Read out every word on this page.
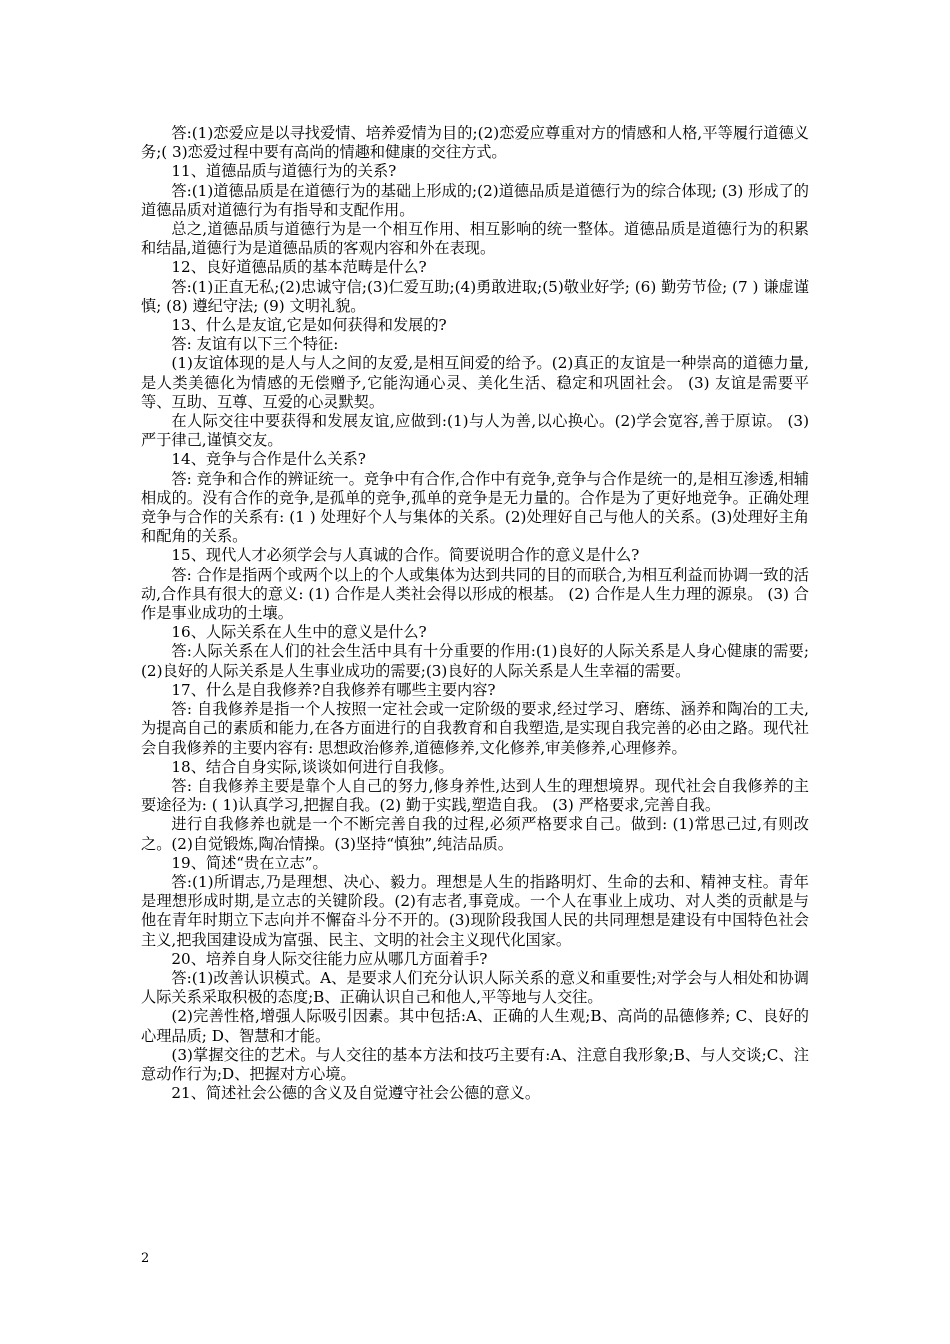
答:(1)恋爱应是以寻找爱情、培养爱情为目的;(2)恋爱应尊重对方的情感和人格,平等履行道德义务;( 3)恋爱过程中要有高尚的情趣和健康的交往方式。

11、道德品质与道德行为的关系?

答:(1)道德品质是在道德行为的基础上形成的;(2)道德品质是道德行为的综合体现; (3) 形成了的道德品质对道德行为有指导和支配作用。

总之,道德品质与道德行为是一个相互作用、相互影响的统一整体。道德品质是道德行为的积累和结晶,道德行为是道德品质的客观内容和外在表现。

12、良好道德品质的基本范畴是什么?

答:(1)正直无私;(2)忠诚守信;(3)仁爱互助;(4)勇敢进取;(5)敬业好学; (6) 勤劳节俭; (7 ) 谦虚谨慎; (8) 遵纪守法; (9) 文明礼貌。

13、什么是友谊,它是如何获得和发展的?

答: 友谊有以下三个特征:

(1)友谊体现的是人与人之间的友爱,是相互间爱的给予。(2)真正的友谊是一种崇高的道德力量,是人类美德化为情感的无偿赠予,它能沟通心灵、美化生活、稳定和巩固社会。 (3) 友谊是需要平等、互助、互尊、互爱的心灵默契。

在人际交往中要获得和发展友谊,应做到:(1)与人为善,以心换心。(2)学会宽容,善于原谅。 (3) 严于律己,谨慎交友。

14、竞争与合作是什么关系?

答: 竞争和合作的辨证统一。竞争中有合作,合作中有竞争,竞争与合作是统一的,是相互渗透,相辅相成的。没有合作的竞争,是孤单的竞争,孤单的竞争是无力量的。合作是为了更好地竞争。正确处理竞争与合作的关系有: (1 ) 处理好个人与集体的关系。(2)处理好自己与他人的关系。(3)处理好主角和配角的关系。

15、现代人才必须学会与人真诚的合作。简要说明合作的意义是什么?

答: 合作是指两个或两个以上的个人或集体为达到共同的目的而联合,为相互利益而协调一致的活动,合作具有很大的意义: (1) 合作是人类社会得以形成的根基。 (2) 合作是人生力理的源泉。 (3) 合作是事业成功的土壤。

16、人际关系在人生中的意义是什么?

答:人际关系在人们的社会生活中具有十分重要的作用:(1)良好的人际关系是人身心健康的需要;(2)良好的人际关系是人生事业成功的需要;(3)良好的人际关系是人生幸福的需要。

17、什么是自我修养?自我修养有哪些主要内容?

答: 自我修养是指一个人按照一定社会或一定阶级的要求,经过学习、磨练、涵养和陶冶的工夫,为提高自己的素质和能力,在各方面进行的自我教育和自我塑造,是实现自我完善的必由之路。现代社会自我修养的主要内容有: 思想政治修养,道德修养,文化修养,审美修养,心理修养。

18、结合自身实际,谈谈如何进行自我修。

答: 自我修养主要是靠个人自己的努力,修身养性,达到人生的理想境界。现代社会自我修养的主要途径为: ( 1)认真学习,把握自我。(2) 勤于实践,塑造自我。 (3) 严格要求,完善自我。

进行自我修养也就是一个不断完善自我的过程,必须严格要求自己。做到: (1)常思己过,有则改之。(2)自觉锻炼,陶冶情操。(3)坚持“慎独”,纯洁品质。

19、简述“贵在立志”。

答:(1)所谓志,乃是理想、决心、毅力。理想是人生的指路明灯、生命的去和、精神支柱。青年是理想形成时期,是立志的关键阶段。(2)有志者,事竟成。一个人在事业上成功、对人类的贡献是与他在青年时期立下志向并不懈奋斗分不开的。(3)现阶段我国人民的共同理想是建设有中国特色社会主义,把我国建设成为富强、民主、文明的社会主义现代化国家。

20、培养自身人际交往能力应从哪几方面着手?

答:(1)改善认识模式。A、是要求人们充分认识人际关系的意义和重要性;对学会与人相处和协调人际关系采取积极的态度;B、正确认识自己和他人,平等地与人交往。

(2)完善性格,增强人际吸引因素。其中包括:A、正确的人生观;B、高尚的品德修养; C、良好的心理品质; D、智慧和才能。

(3)掌握交往的艺术。与人交往的基本方法和技巧主要有:A、注意自我形象;B、与人交谈;C、注意动作行为;D、把握对方心境。

21、简述社会公德的含义及自觉遵守社会公德的意义。

2
